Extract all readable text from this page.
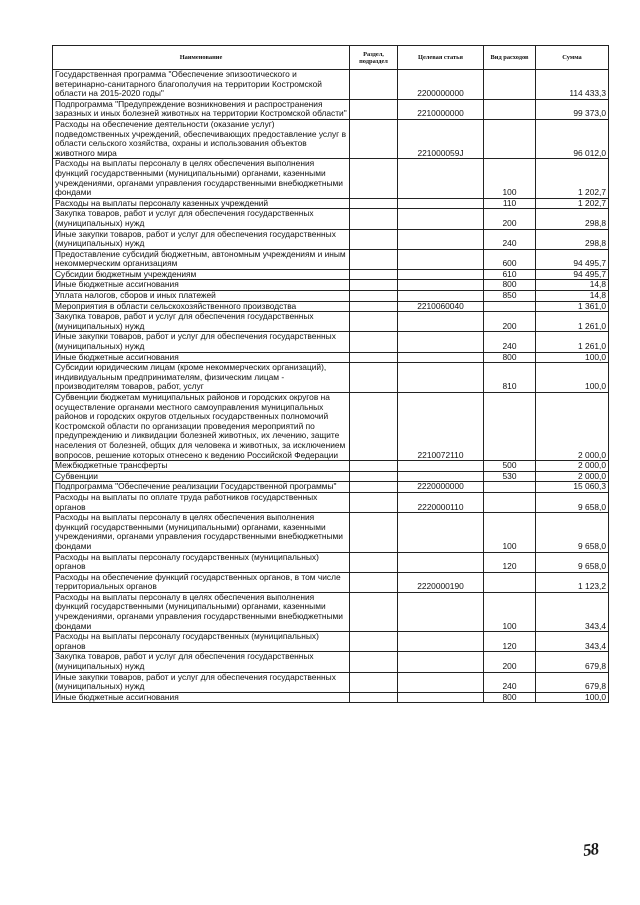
Наименование	Раздел, подраздел	Целевая статья	Вид расходов	Сумма
Государственная программа "Обеспечение эпизоотического и ветеринарно-санитарного благополучия на территории Костромской области на 2015-2020 годы"		2200000000		114 433,3
Подпрограмма "Предупреждение возникновения и распространения заразных и иных болезней животных на территории Костромской области"		2210000000		99 373,0
Расходы на обеспечение деятельности (оказание услуг) подведомственных учреждений, обеспечивающих предоставление услуг в области сельского хозяйства, охраны и использования объектов животного мира		221000059J		96 012,0
Расходы на выплаты персоналу в целях обеспечения выполнения функций государственными (муниципальными) органами, казенными учреждениями, органами управления государственными внебюджетными фондами			100	1 202,7
Расходы на выплаты персоналу казенных учреждений			110	1 202,7
Закупка товаров, работ и услуг для обеспечения государственных (муниципальных) нужд			200	298,8
Иные закупки товаров, работ и услуг для обеспечения государственных (муниципальных) нужд			240	298,8
Предоставление субсидий бюджетным, автономным учреждениям и иным некоммерческим организациям			600	94 495,7
Субсидии бюджетным учреждениям			610	94 495,7
Иные бюджетные ассигнования			800	14,8
Уплата налогов, сборов и иных платежей			850	14,8
Мероприятия в области сельскохозяйственного производства		2210060040		1 361,0
Закупка товаров, работ и услуг для обеспечения государственных (муниципальных) нужд			200	1 261,0
Иные закупки товаров, работ и услуг для обеспечения государственных (муниципальных) нужд			240	1 261,0
Иные бюджетные ассигнования			800	100,0
Субсидии юридическим лицам (кроме некоммерческих организаций), индивидуальным предпринимателям, физическим лицам - производителям товаров, работ, услуг			810	100,0
Субвенции бюджетам муниципальных районов и городских округов на осуществление органами местного самоуправления муниципальных районов и городских округов отдельных государственных полномочий Костромской области по организации проведения мероприятий по предупреждению и ликвидации болезней животных, их лечению, защите населения от болезней, общих для человека и животных, за исключением вопросов, решение которых отнесено к ведению Российской Федерации		2210072110		2 000,0
Межбюджетные трансферты			500	2 000,0
Субвенции			530	2 000,0
Подпрограмма "Обеспечение реализации Государственной программы"		2220000000		15 060,3
Расходы на выплаты по оплате труда работников государственных органов		2220000110		9 658,0
Расходы на выплаты персоналу в целях обеспечения выполнения функций государственными (муниципальными) органами, казенными учреждениями, органами управления государственными внебюджетными фондами			100	9 658,0
Расходы на выплаты персоналу государственных (муниципальных) органов			120	9 658,0
Расходы на обеспечение функций государственных органов, в том числе территориальных органов		2220000190		1 123,2
Расходы на выплаты персоналу в целях обеспечения выполнения функций государственными (муниципальными) органами, казенными учреждениями, органами управления государственными внебюджетными фондами			100	343,4
Расходы на выплаты персоналу государственных (муниципальных) органов			120	343,4
Закупка товаров, работ и услуг для обеспечения государственных (муниципальных) нужд			200	679,8
Иные закупки товаров, работ и услуг для обеспечения государственных (муниципальных) нужд			240	679,8
Иные бюджетные ассигнования			800	100,0
58
